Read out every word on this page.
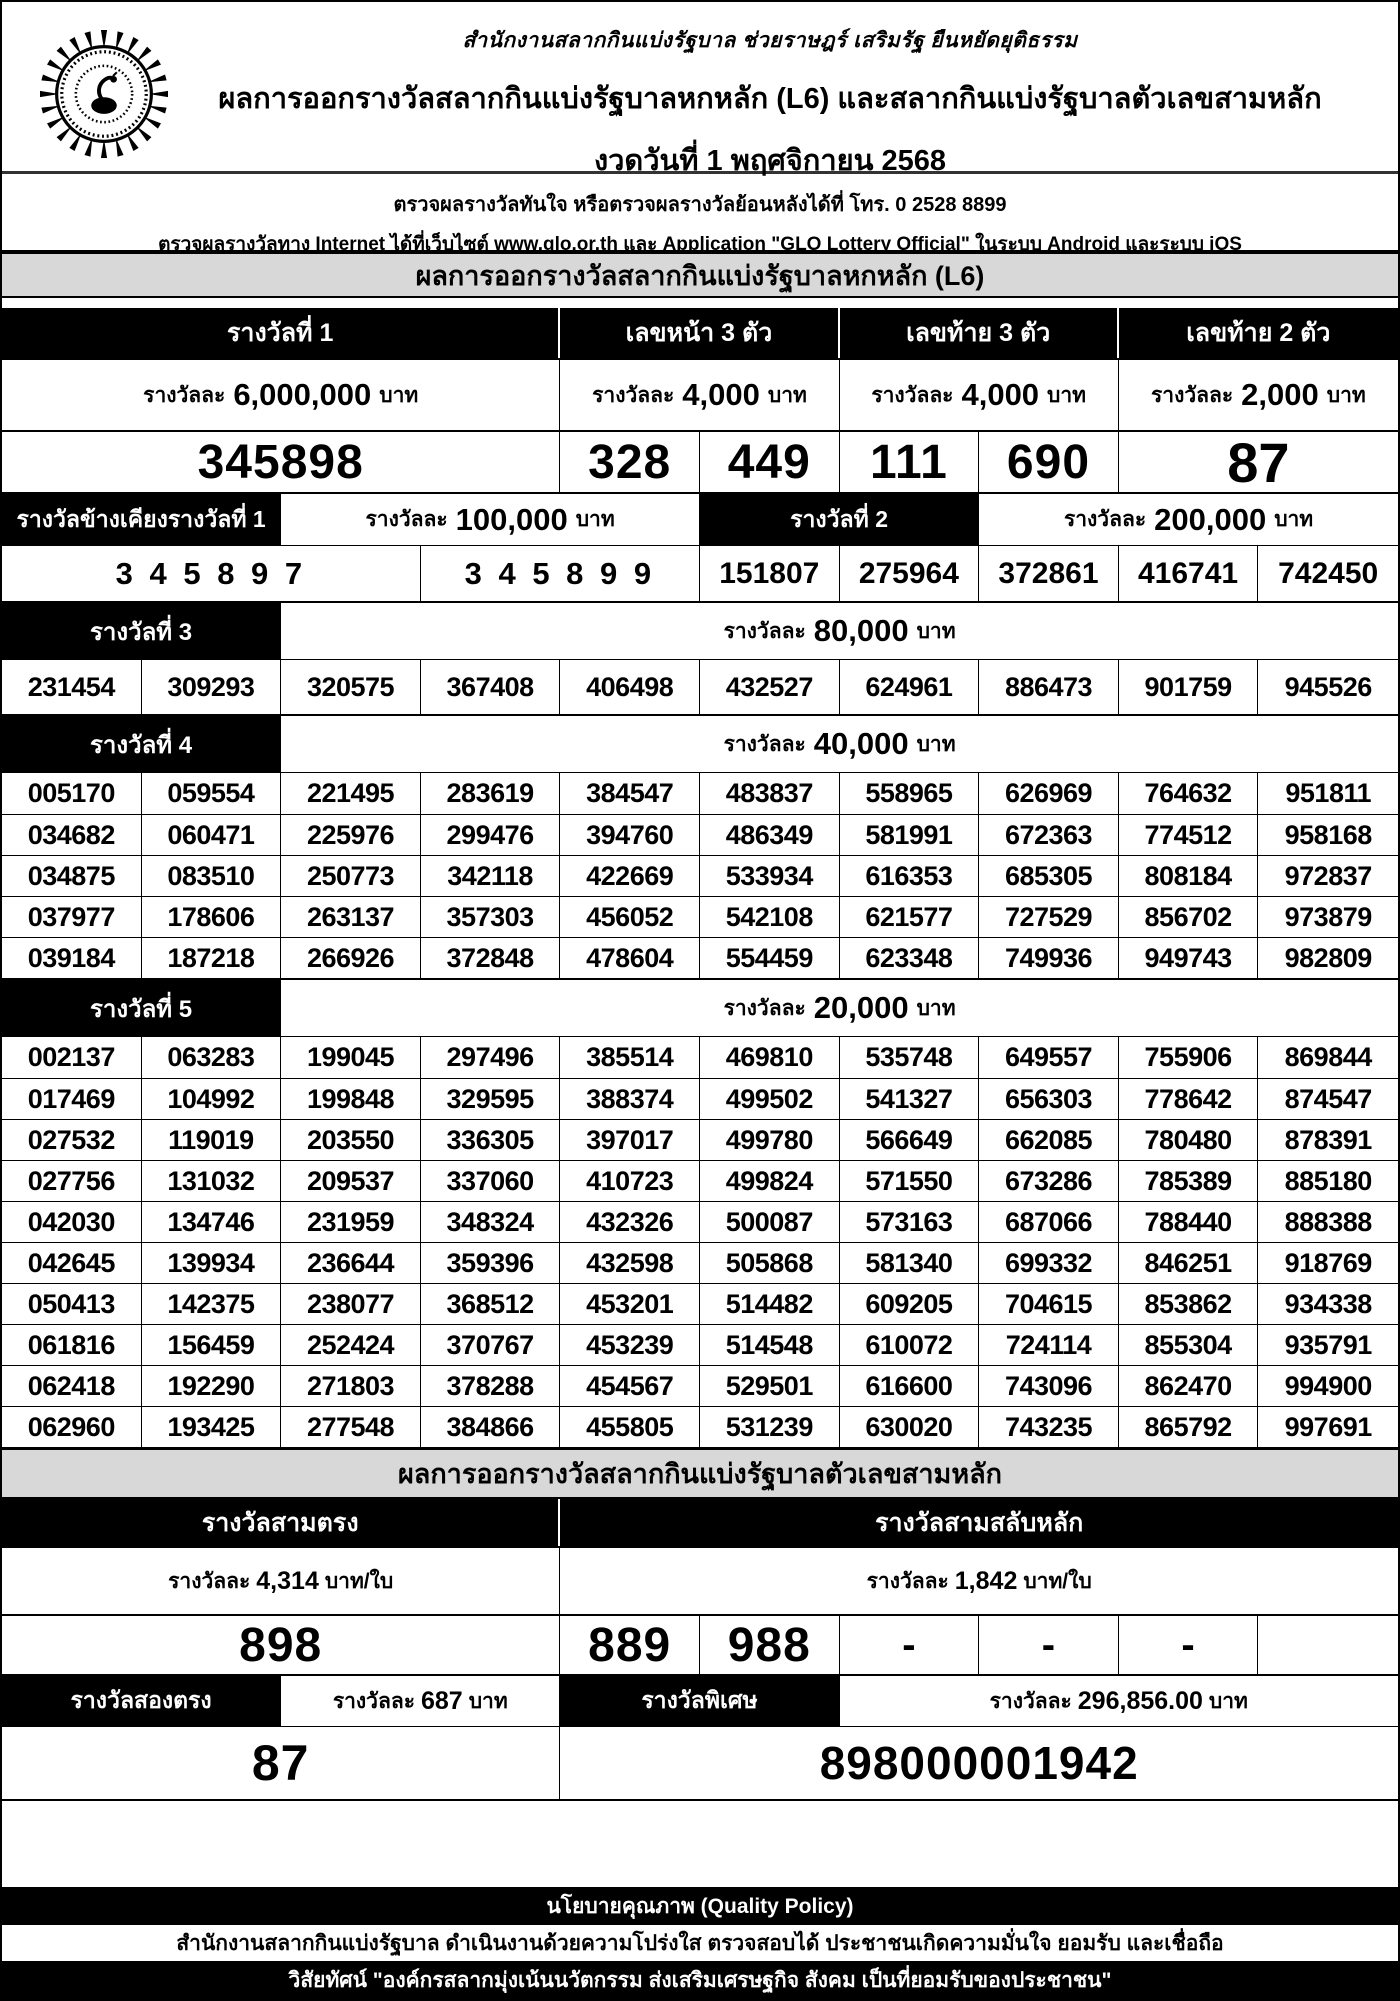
สำนักงานสลากกินแบ่งรัฐบาล ช่วยราษฎร์ เสริมรัฐ ยืนหยัดยุติธรรม
ผลการออกรางวัลสลากกินแบ่งรัฐบาลหกหลัก (L6) และสลากกินแบ่งรัฐบาลตัวเลขสามหลัก
งวดวันที่ 1 พฤศจิกายน 2568
ตรวจผลรางวัลทันใจ หรือตรวจผลรางวัลย้อนหลังได้ที่ โทร. 0 2528 8899
ตรวจผลรางวัลทาง Internet ได้ที่เว็บไซต์ www.glo.or.th และ Application "GLO Lottery Official" ในระบบ Android และระบบ iOS
ผลการออกรางวัลสลากกินแบ่งรัฐบาลหกหลัก (L6)
รางวัลที่ 1	เลขหน้า 3 ตัว	เลขท้าย 3 ตัว	เลขท้าย 2 ตัว
รางวัลละ 6,000,000 บาท	รางวัลละ 4,000 บาท	รางวัลละ 4,000 บาท	รางวัลละ 2,000 บาท
345898	328	449	111	690	87
รางวัลข้างเคียงรางวัลที่ 1	รางวัลละ 100,000 บาท	รางวัลที่ 2	รางวัลละ 200,000 บาท
3 4 5 8 9 7	3 4 5 8 9 9	151807	275964	372861	416741	742450
รางวัลที่ 3	รางวัลละ 80,000 บาท
231454	309293	320575	367408	406498	432527	624961	886473	901759	945526
รางวัลที่ 4	รางวัลละ 40,000 บาท
005170	059554	221495	283619	384547	483837	558965	626969	764632	951811
034682	060471	225976	299476	394760	486349	581991	672363	774512	958168
034875	083510	250773	342118	422669	533934	616353	685305	808184	972837
037977	178606	263137	357303	456052	542108	621577	727529	856702	973879
039184	187218	266926	372848	478604	554459	623348	749936	949743	982809
รางวัลที่ 5	รางวัลละ 20,000 บาท
002137	063283	199045	297496	385514	469810	535748	649557	755906	869844
017469	104992	199848	329595	388374	499502	541327	656303	778642	874547
027532	119019	203550	336305	397017	499780	566649	662085	780480	878391
027756	131032	209537	337060	410723	499824	571550	673286	785389	885180
042030	134746	231959	348324	432326	500087	573163	687066	788440	888388
042645	139934	236644	359396	432598	505868	581340	699332	846251	918769
050413	142375	238077	368512	453201	514482	609205	704615	853862	934338
061816	156459	252424	370767	453239	514548	610072	724114	855304	935791
062418	192290	271803	378288	454567	529501	616600	743096	862470	994900
062960	193425	277548	384866	455805	531239	630020	743235	865792	997691
ผลการออกรางวัลสลากกินแบ่งรัฐบาลตัวเลขสามหลัก
รางวัลสามตรง	รางวัลสามสลับหลัก
รางวัลละ 4,314 บาท/ใบ	รางวัลละ 1,842 บาท/ใบ
898	889	988	-	-	-
รางวัลสองตรง	รางวัลละ 687 บาท	รางวัลพิเศษ	รางวัลละ 296,856.00 บาท
87	898000001942
นโยบายคุณภาพ (Quality Policy)
สำนักงานสลากกินแบ่งรัฐบาล ดำเนินงานด้วยความโปร่งใส ตรวจสอบได้ ประชาชนเกิดความมั่นใจ ยอมรับ และเชื่อถือ
วิสัยทัศน์ "องค์กรสลากมุ่งเน้นนวัตกรรม ส่งเสริมเศรษฐกิจ สังคม เป็นที่ยอมรับของประชาชน"
